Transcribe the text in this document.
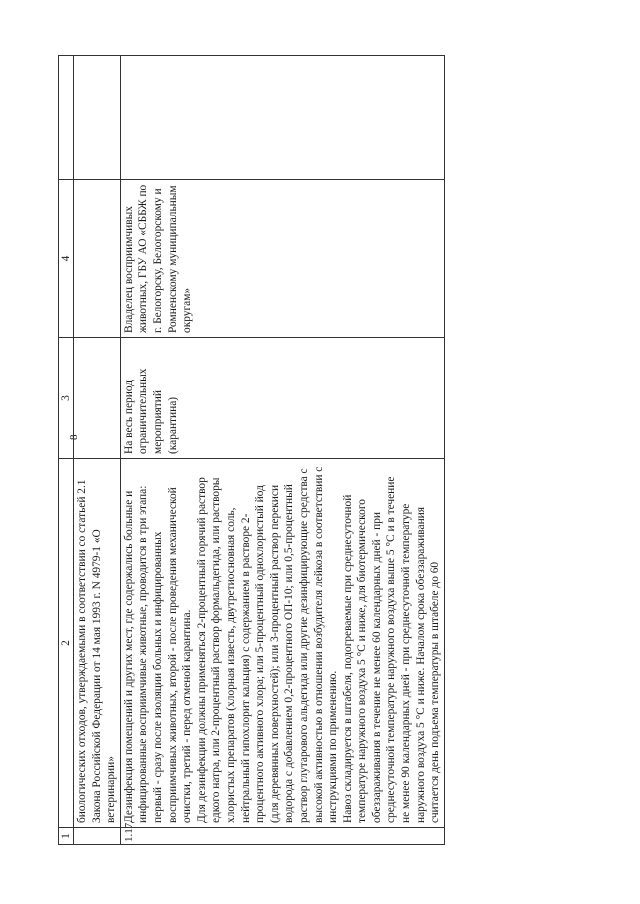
8
1	2	3	4	
	биологических отходов, утверждаемыми в соответствии со статьей 2.1 Закона Российской Федерации от 14 мая 1993 г. N 4979-1 «О ветеринарии»			
1.17.	Дезинфекция помещений и других мест, где содержались больные и инфицированные восприимчивые животные, проводится в три этапа: первый - сразу после изоляции больных и инфицированных восприимчивых животных, второй - после проведения механической очистки, третий - перед отменой карантина. Для дезинфекции должны применяться 2-процентный горячий раствор едкого натра, или 2-процентный раствор формальдегида, или растворы хлористых препаратов (хлорная известь, двутретиосновная соль, нейтральный гипохлорит кальция) с содержанием в растворе 2-процентного активного хлора; или 5-процентный однохлористый йод (для деревянных поверхностей); или 3-процентный раствор перекиси водорода с добавлением 0,2-процентного ОП-10; или 0,5-процентный раствор глутарового альдегида или другие дезинфицирующие средства с высокой активностью в отношении возбудителя лейкоза в соответствии с инструкциями по применению. Навоз складируется в штабеля, подогреваемые при среднесуточной температуре наружного воздуха 5 °С и ниже, для биотермического обеззараживания в течение не менее 60 календарных дней - при среднесуточной температуре наружного воздуха выше 5 °С и в течение не менее 90 календарных дней - при среднесуточной температуре наружного воздуха 5 °С и ниже. Началом срока обеззараживания считается день подъема температуры в штабеле до 60	На весь период ограничительных мероприятий (карантина)	Владелец восприимчивых животных, ГБУ АО «СББЖ по г. Белогорску, Белогорскому и Ромненскому муниципальным округам»	
